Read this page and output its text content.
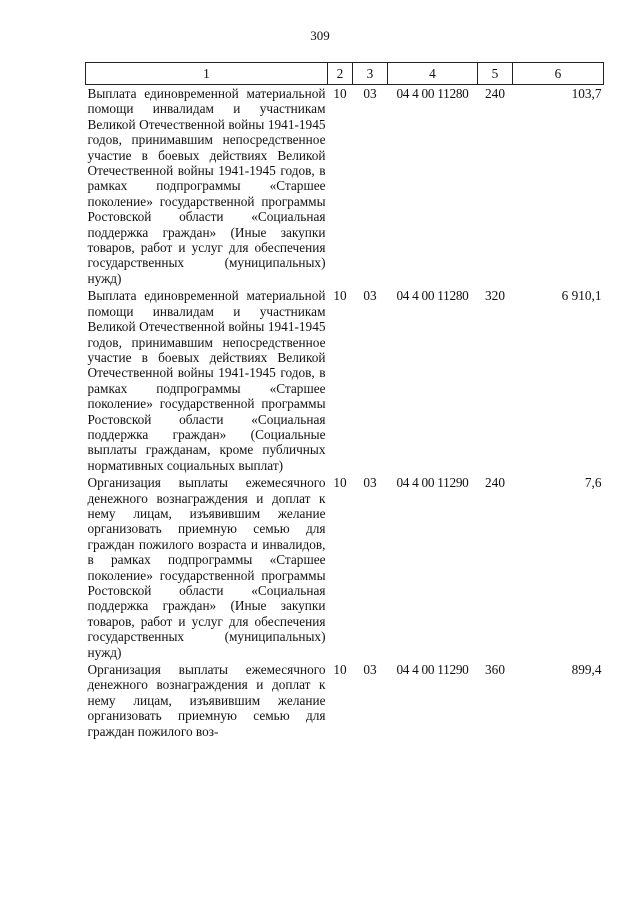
309
1	2	3	4	5	6
Выплата единовременной материальной помощи инвалидам и участникам Великой Отечественной войны 1941-1945 годов, принимавшим непосредственное участие в боевых действиях Великой Отечественной войны 1941-1945 годов, в рамках подпрограммы «Старшее поколение» государственной программы Ростовской области «Социальная поддержка граждан» (Иные закупки товаров, работ и услуг для обеспечения государственных (муниципальных) нужд)	10	03	04 4 00 11280	240	103,7
Выплата единовременной материальной помощи инвалидам и участникам Великой Отечественной войны 1941-1945 годов, принимавшим непосредственное участие в боевых действиях Великой Отечественной войны 1941-1945 годов, в рамках подпрограммы «Старшее поколение» государственной программы Ростовской области «Социальная поддержка граждан» (Социальные выплаты гражданам, кроме публичных нормативных социальных выплат)	10	03	04 4 00 11280	320	6 910,1
Организация выплаты ежемесячного денежного вознаграждения и доплат к нему лицам, изъявившим желание организовать приемную семью для граждан пожилого возраста и инвалидов, в рамках подпрограммы «Старшее поколение» государственной программы Ростовской области «Социальная поддержка граждан» (Иные закупки товаров, работ и услуг для обеспечения государственных (муниципальных) нужд)	10	03	04 4 00 11290	240	7,6
Организация выплаты ежемесячного денежного вознаграждения и доплат к нему лицам, изъявившим желание организовать приемную семью для граждан пожилого воз-	10	03	04 4 00 11290	360	899,4
